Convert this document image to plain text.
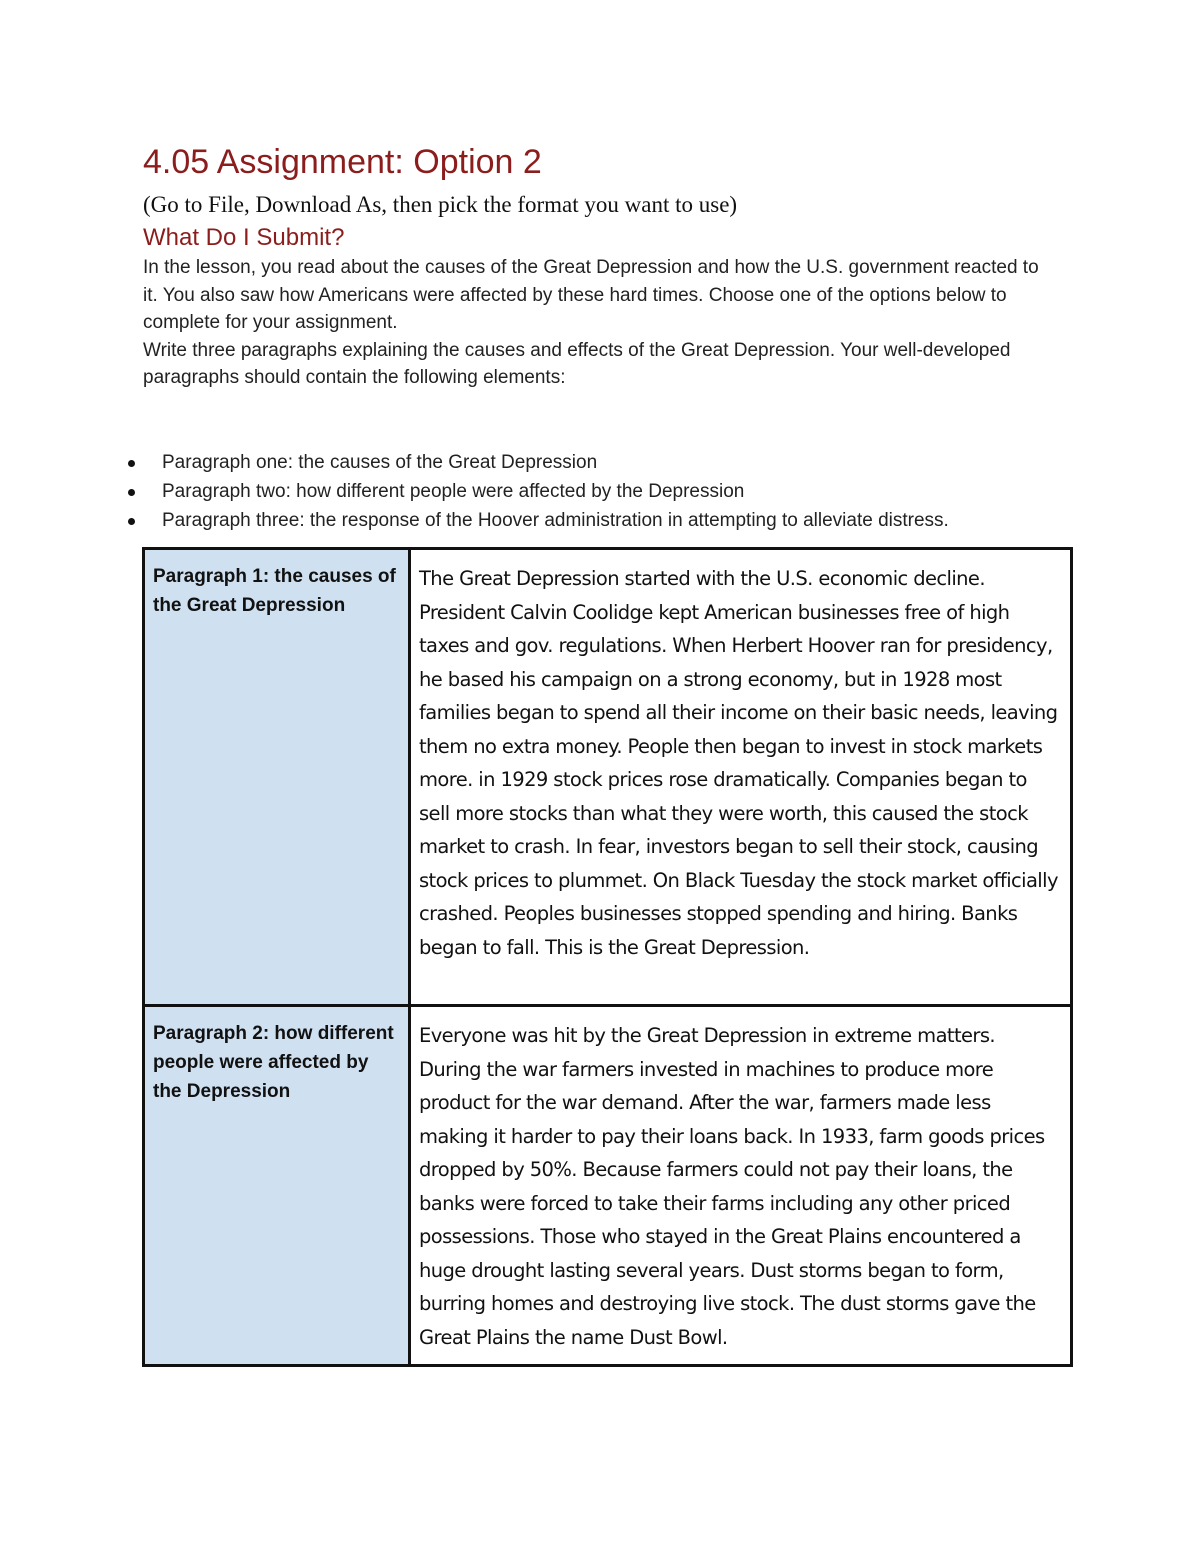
4.05 Assignment: Option 2
(Go to File, Download As, then pick the format you want to use)
What Do I Submit?

In the lesson, you read about the causes of the Great Depression and how the U.S. government reacted to it. You also saw how Americans were affected by these hard times. Choose one of the options below to complete for your assignment.

Write three paragraphs explaining the causes and effects of the Great Depression. Your well-developed paragraphs should contain the following elements:

Paragraph one: the causes of the Great Depression
Paragraph two: how different people were affected by the Depression
Paragraph three: the response of the Hoover administration in attempting to alleviate distress.
Paragraph 1: the causes of the Great Depression	The Great Depression started with the U.S. economic decline. President Calvin Coolidge kept American businesses free of high taxes and gov. regulations. When Herbert Hoover ran for presidency, he based his campaign on a strong economy, but in 1928 most families began to spend all their income on their basic needs, leaving them no extra money. People then began to invest in stock markets more. in 1929 stock prices rose dramatically. Companies began to sell more stocks than what they were worth, this caused the stock market to crash. In fear, investors began to sell their stock, causing stock prices to plummet. On Black Tuesday the stock market officially crashed. Peoples businesses stopped spending and hiring. Banks began to fall. This is the Great Depression.
Paragraph 2: how different people were affected by the Depression	Everyone was hit by the Great Depression in extreme matters. During the war farmers invested in machines to produce more product for the war demand. After the war, farmers made less making it harder to pay their loans back. In 1933, farm goods prices dropped by 50%. Because farmers could not pay their loans, the banks were forced to take their farms including any other priced possessions. Those who stayed in the Great Plains encountered a huge drought lasting several years. Dust storms began to form, burring homes and destroying live stock. The dust storms gave the Great Plains the name Dust Bowl.
